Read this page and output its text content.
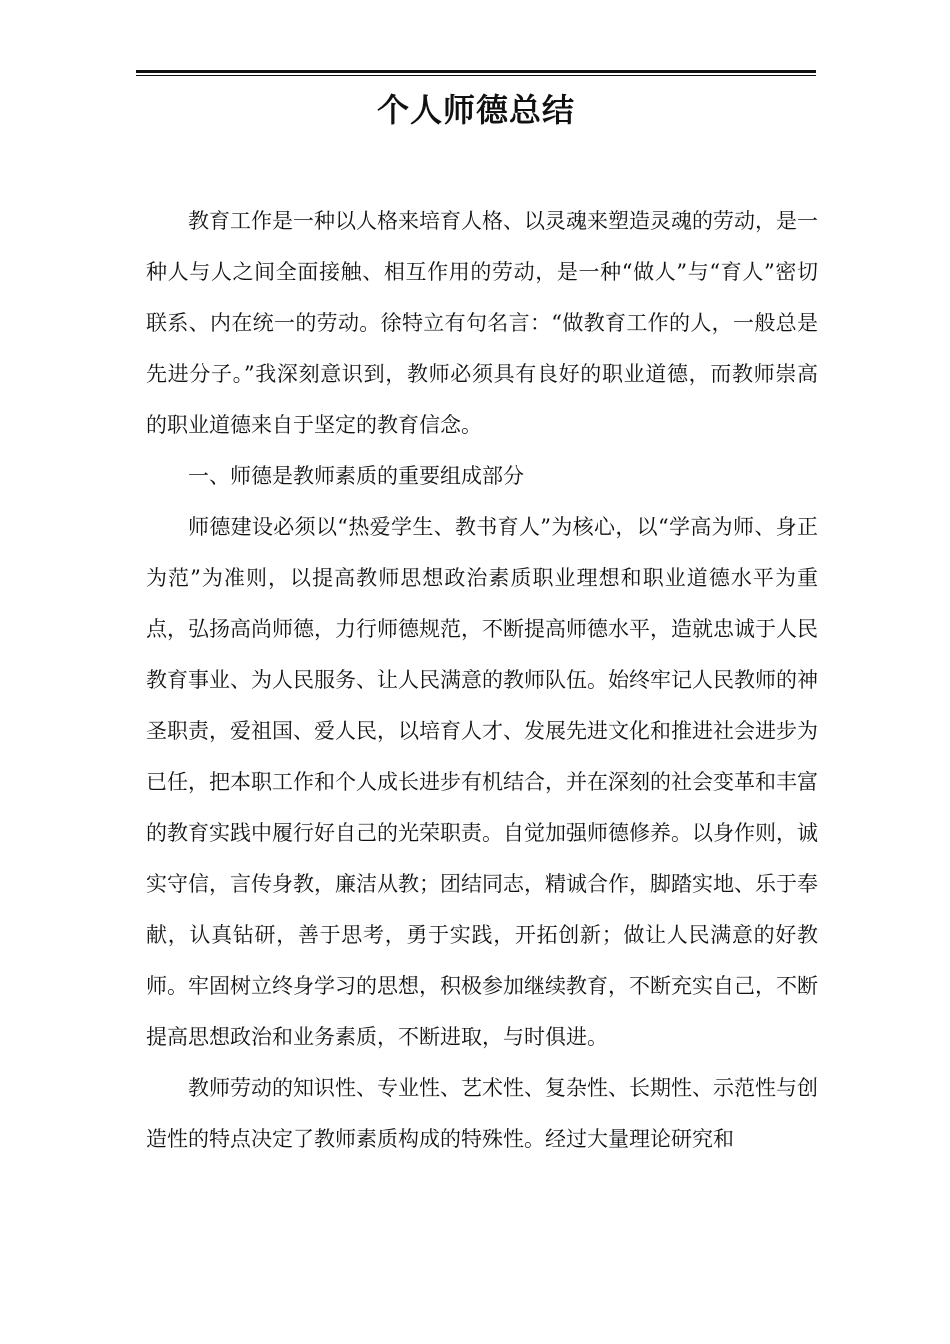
个人师德总结

教育工作是一种以人格来培育人格、以灵魂来塑造灵魂的劳动，是一种人与人之间全面接触、相互作用的劳动，是一种“做人”与“育人”密切联系、内在统一的劳动。徐特立有句名言：“做教育工作的人，一般总是先进分子。”我深刻意识到，教师必须具有良好的职业道德，而教师崇高的职业道德来自于坚定的教育信念。

一、师德是教师素质的重要组成部分

师德建设必须以“热爱学生、教书育人”为核心，以“学高为师、身正为范”为准则，以提高教师思想政治素质职业理想和职业道德水平为重点，弘扬高尚师德，力行师德规范，不断提高师德水平，造就忠诚于人民教育事业、为人民服务、让人民满意的教师队伍。始终牢记人民教师的神圣职责，爱祖国、爱人民，以培育人才、发展先进文化和推进社会进步为已任，把本职工作和个人成长进步有机结合，并在深刻的社会变革和丰富的教育实践中履行好自己的光荣职责。自觉加强师德修养。以身作则，诚实守信，言传身教，廉洁从教；团结同志，精诚合作，脚踏实地、乐于奉献，认真钻研，善于思考，勇于实践，开拓创新；做让人民满意的好教师。牢固树立终身学习的思想，积极参加继续教育，不断充实自己，不断提高思想政治和业务素质，不断进取，与时俱进。

教师劳动的知识性、专业性、艺术性、复杂性、长期性、示范性与创造性的特点决定了教师素质构成的特殊性。经过大量理论研究和
